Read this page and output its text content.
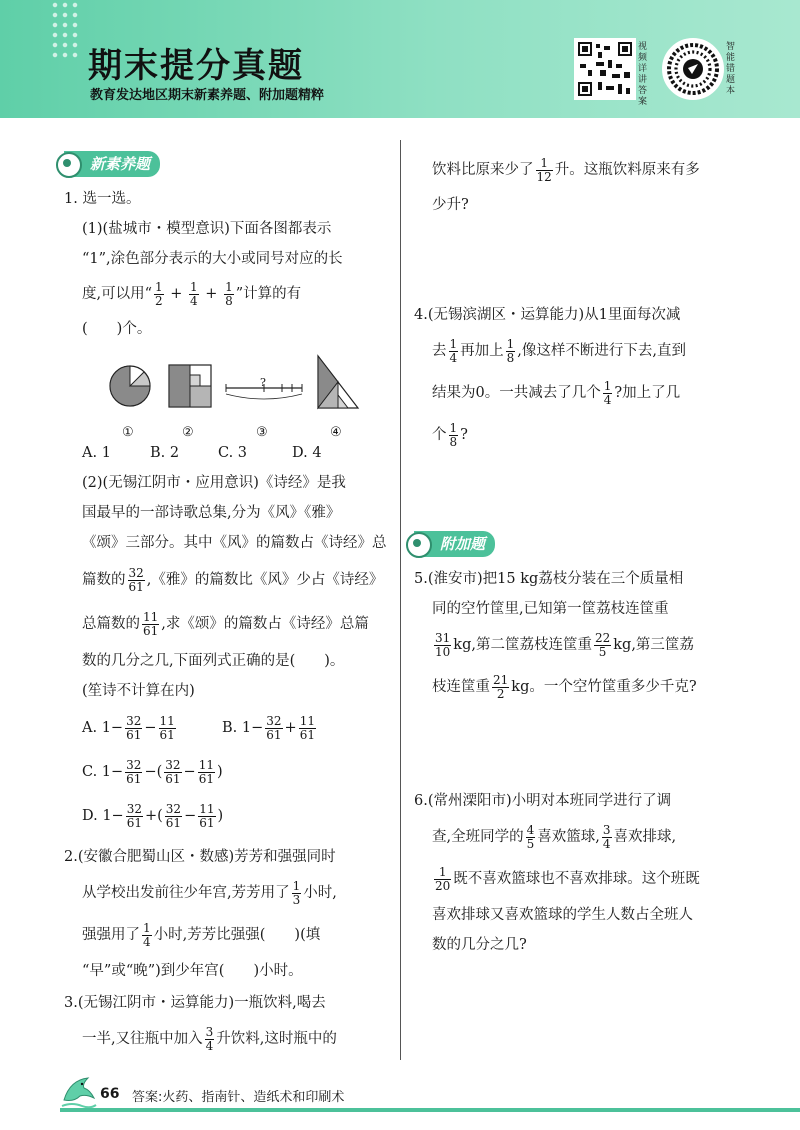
期末提分真题
教育发达地区期末新素养题、附加题精粹
视频详讲答案
智能错题本
新素养题

1. 选一选。

(1)(盐城市・模型意识)下面各图都表示

“1”,涂色部分表示的大小或同号对应的长

度,可以用“ $\frac{1}{2} + \frac{1}{4} + \frac{1}{8}$ ”计算的有

(　　)个。

?
①	②	③	④

A. 1	B. 2	C. 3	D. 4

(2)(无锡江阴市・应用意识)《诗经》是我

国最早的一部诗歌总集,分为《风》《雅》

《颂》三部分。其中《风》的篇数占《诗经》总

篇数的 $\frac{32}{61}$ ,《雅》的篇数比《风》少占《诗经》

总篇数的 $\frac{11}{61}$ ,求《颂》的篇数占《诗经》总篇

数的几分之几,下面列式正确的是(　　)。

(笙诗不计算在内)

A. $1- \frac{32}{61} - \frac{11}{61}$	B. $1- \frac{32}{61} + \frac{11}{61}$

C. $1- \frac{32}{61}$ −( $\frac{32}{61} - \frac{11}{61}$ )

D. $1- \frac{32}{61}$ +( $\frac{32}{61} - \frac{11}{61}$ )

2.(安徽合肥蜀山区・数感)芳芳和强强同时

从学校出发前往少年宫,芳芳用了 $\frac{1}{3}$ 小时,

强强用了 $\frac{1}{4}$ 小时,芳芳比强强(　　)(填

“早”或“晚”)到少年宫(　　)小时。

3.(无锡江阴市・运算能力)一瓶饮料,喝去

一半,又往瓶中加入 $\frac{3}{4}$ 升饮料,这时瓶中的

饮料比原来少了 $\frac{1}{12}$ 升。这瓶饮料原来有多

少升?

4.(无锡滨湖区・运算能力)从1里面每次减

去 $\frac{1}{4}$ 再加上 $\frac{1}{8}$ ,像这样不断进行下去,直到

结果为0。一共减去了几个 $\frac{1}{4}$ ?加上了几

个 $\frac{1}{8}$ ?

附加题

5.(淮安市)把15 kg荔枝分装在三个质量相

同的空竹筐里,已知第一筐荔枝连筐重

$\frac{31}{10}$ kg,第二筐荔枝连筐重 $\frac{22}{5}$ kg,第三筐荔

枝连筐重 $\frac{21}{2}$ kg。一个空竹筐重多少千克?

6.(常州溧阳市)小明对本班同学进行了调

查,全班同学的 $\frac{4}{5}$ 喜欢篮球, $\frac{3}{4}$ 喜欢排球,

$\frac{1}{20}$ 既不喜欢篮球也不喜欢排球。这个班既

喜欢排球又喜欢篮球的学生人数占全班人

数的几分之几?

66 答案:火药、指南针、造纸术和印刷术
